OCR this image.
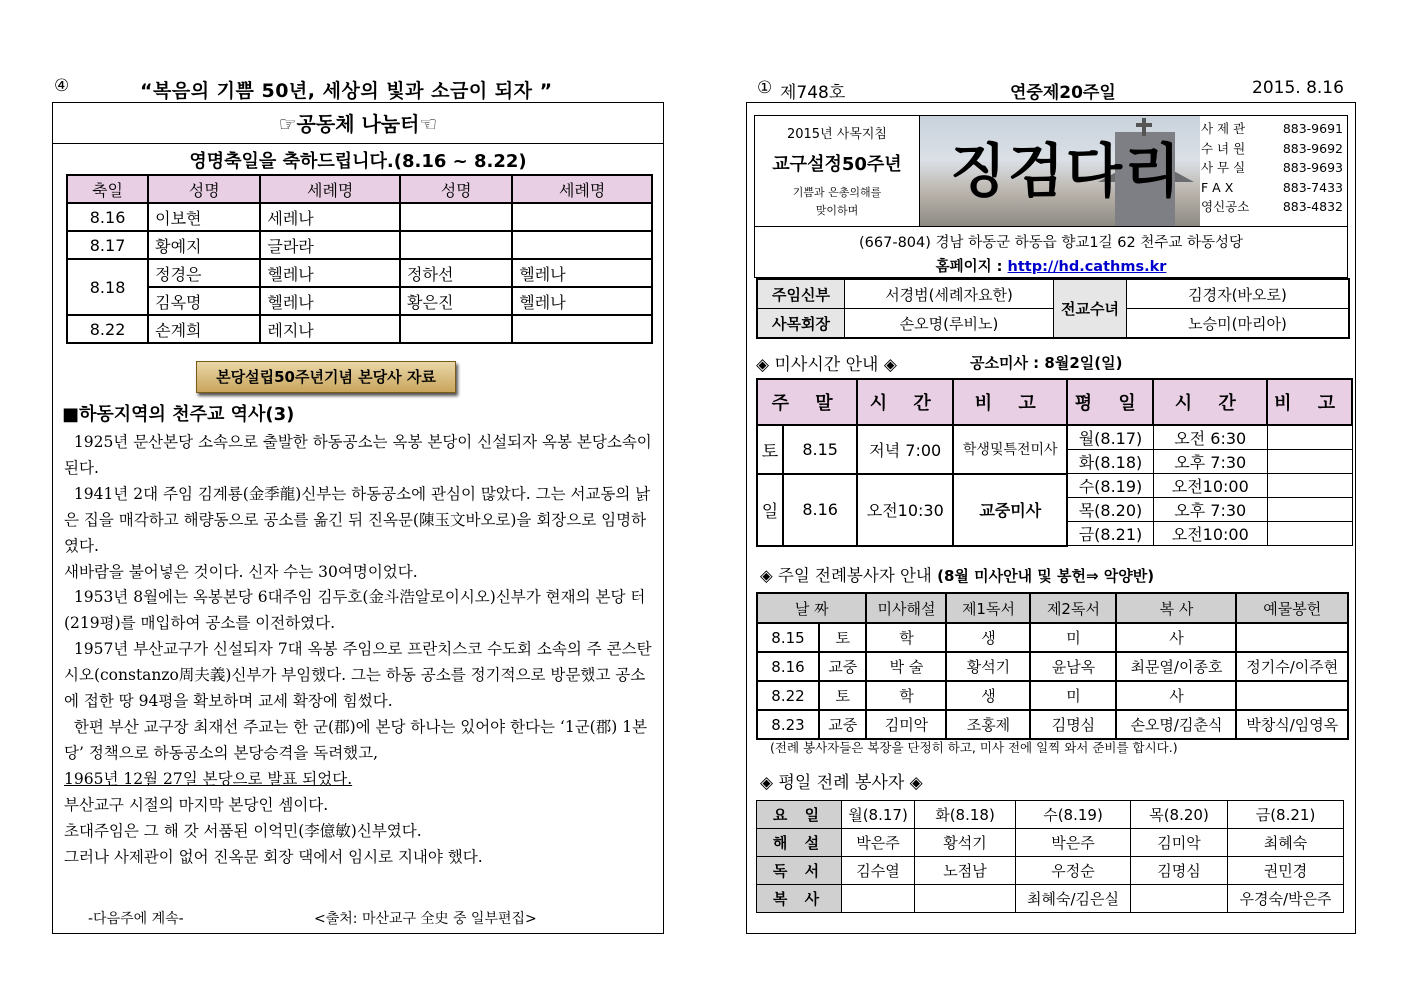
④	“복음의 기쁨 50년, 세상의 빛과 소금이 되자 ”
☞공동체 나눔터☜
영명축일을 축하드립니다.(8.16 ~ 8.22)
축일	성명	세례명	성명	세례명
8.16	이보현	세레나		
8.17	황예지	글라라		
8.18	정경은	헬레나	정하선	헬레나
	김옥명	헬레나	황은진	헬레나
8.22	손계희	레지나		
본당설립50주년기념 본당사 자료
■하동지역의 천주교 역사(3)

1925년 문산본당 소속으로 출발한 하동공소는 옥봉 본당이 신설되자 옥봉 본당소속이 된다.

1941년 2대 주임 김계룡(金季龍)신부는 하동공소에 관심이 많았다. 그는 서교동의 낡은 집을 매각하고 해량동으로 공소를 옮긴 뒤 진옥문(陳玉文바오로)을 회장으로 임명하였다.

새바람을 불어넣은 것이다. 신자 수는 30여명이었다.

1953년 8월에는 옥봉본당 6대주임 김두호(金斗浩알로이시오)신부가 현재의 본당 터(219평)를 매입하여 공소를 이전하였다.

1957년 부산교구가 신설되자 7대 옥봉 주임으로 프란치스코 수도회 소속의 주 콘스탄시오(constanzo周夫義)신부가 부임했다. 그는 하동 공소를 정기적으로 방문했고 공소에 접한 땅 94평을 확보하며 교세 확장에 힘썼다.

한편 부산 교구장 최재선 주교는 한 군(郡)에 본당 하나는 있어야 한다는 ‘1군(郡) 1본당’ 정책으로 하동공소의 본당승격을 독려했고,

1965년 12월 27일 본당으로 발표 되었다.

부산교구 시절의 마지막 본당인 셈이다.

초대주임은 그 해 갓 서품된 이억민(李億敏)신부였다.

그러나 사제관이 없어 진옥문 회장 댁에서 임시로 지내야 했다.

-다음주에 계속-	<출처: 마산교구 全史 중 일부편집>
① 제748호	연중제20주일	2015. 8.16
2015년 사목지침
교구설정50주년
기쁨과 은총의해를
맞이하며
징검다리
사 제 관	883-9691
수 녀 원	883-9692
사 무 실	883-9693
F A X	883-7433
영신공소	883-4832
(667-804) 경남 하동군 하동읍 향교1길 62 천주교 하동성당
홈페이지 : http://hd.cathms.kr
주임신부	서경범(세례자요한)	전교수녀	김경자(바오로)
사목회장	손오명(루비노)		노승미(마리아)
◈ 미사시간 안내 ◈	공소미사 : 8월2일(일)
주 말		시 간	비 고	평 일	시 간	비 고
토	8.15	저녁 7:00	학생및특전미사	월(8.17)	오전 6:30	
				화(8.18)	오후 7:30	
일	8.16	오전10:30	교중미사	수(8.19)	오전10:00	
				목(8.20)	오후 7:30	
				금(8.21)	오전10:00	
◈ 주일 전례봉사자 안내 (8월 미사안내 및 봉헌⇒ 악양반)
날 짜		미사해설	제1독서	제2독서	복 사	예물봉헌
8.15	토	학	생	미	사	
8.16	교중	박 술	황석기	윤남옥	최문열/이종호	정기수/이주현
8.22	토	학	생	미	사	
8.23	교중	김미악	조홍제	김명심	손오명/김춘식	박창식/임영옥
(전례 봉사자들은 복장을 단정히 하고, 미사 전에 일찍 와서 준비를 합시다.)
◈ 평일 전례 봉사자 ◈
요 일	월(8.17)	화(8.18)	수(8.19)	목(8.20)	금(8.21)
해 설	박은주	황석기	박은주	김미악	최혜숙
독 서	김수열	노점남	우정순	김명심	권민경
복 사			최혜숙/김은실		우경숙/박은주
